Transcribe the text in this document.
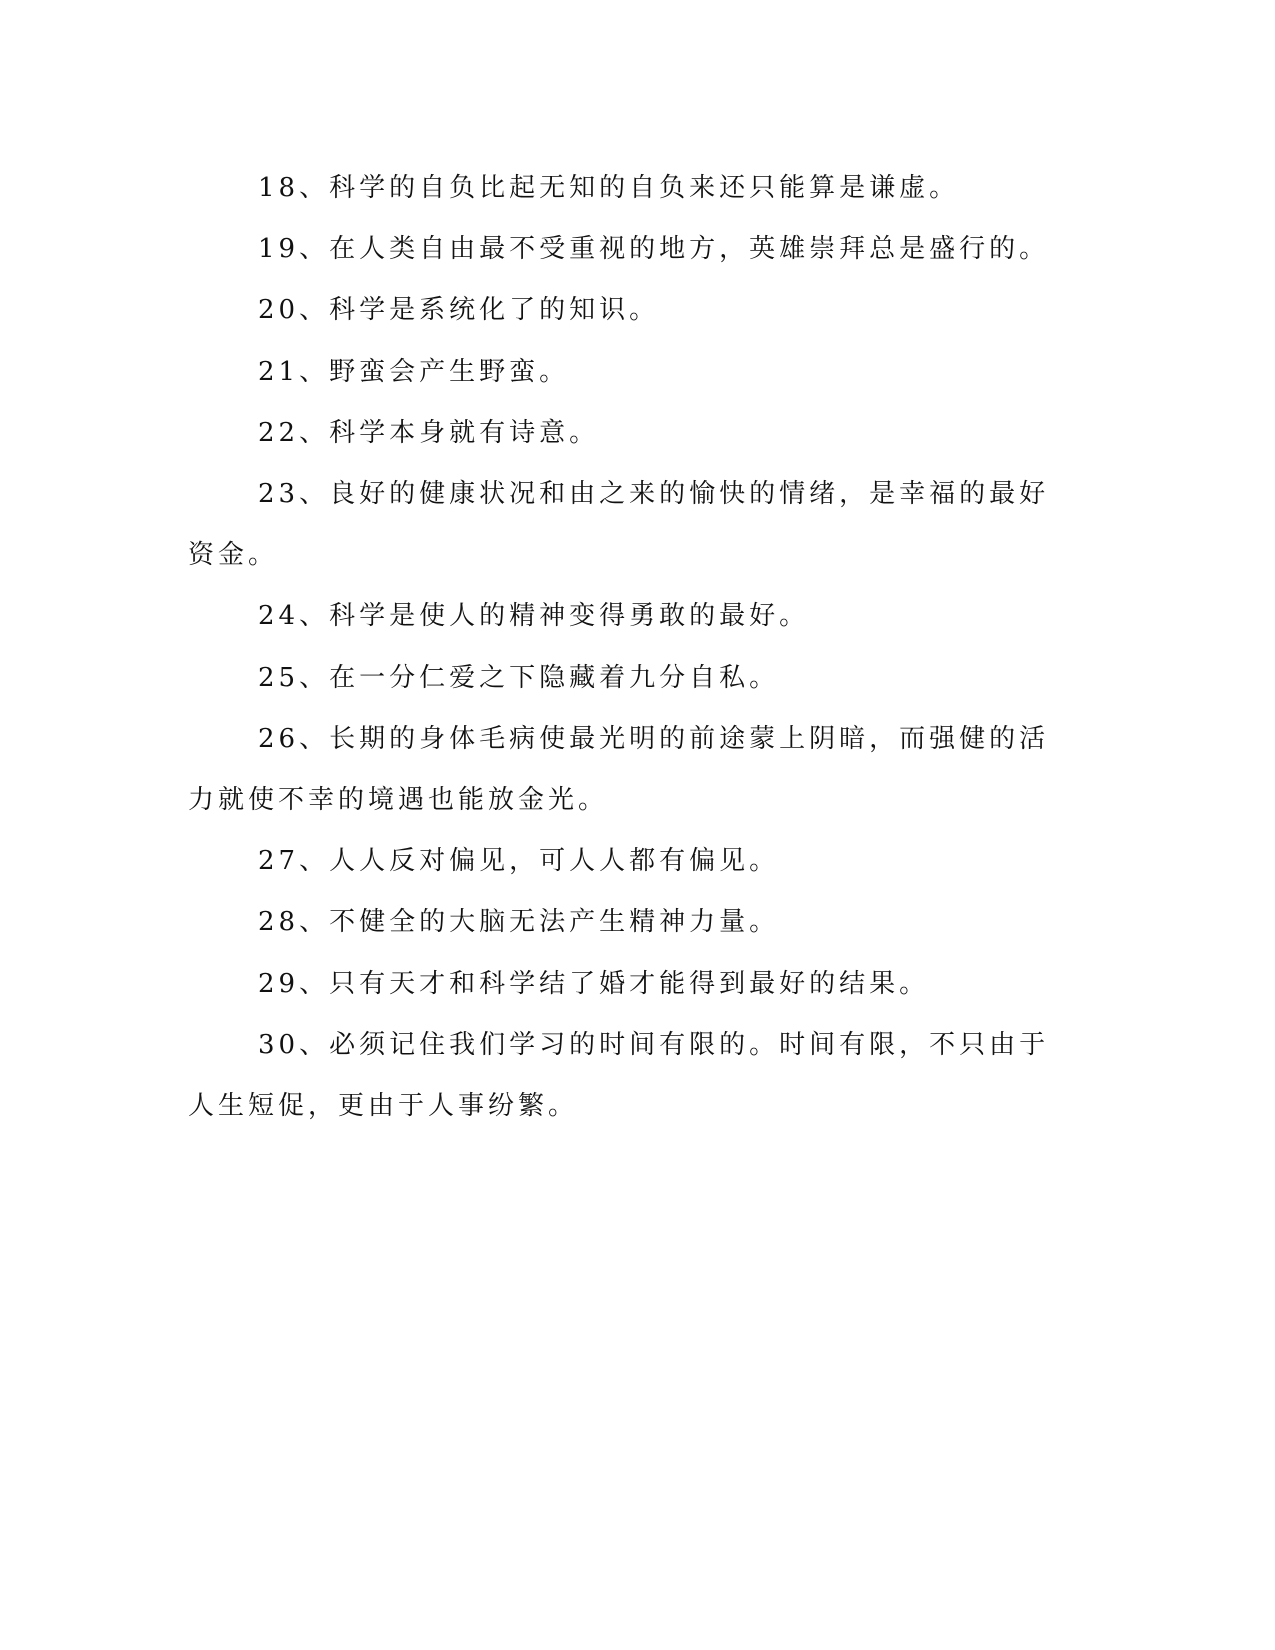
18、科学的自负比起无知的自负来还只能算是谦虚。

19、在人类自由最不受重视的地方，英雄崇拜总是盛行的。

20、科学是系统化了的知识。

21、野蛮会产生野蛮。

22、科学本身就有诗意。

23、良好的健康状况和由之来的愉快的情绪，是幸福的最好资金。

24、科学是使人的精神变得勇敢的最好。

25、在一分仁爱之下隐藏着九分自私。

26、长期的身体毛病使最光明的前途蒙上阴暗，而强健的活力就使不幸的境遇也能放金光。

27、人人反对偏见，可人人都有偏见。

28、不健全的大脑无法产生精神力量。

29、只有天才和科学结了婚才能得到最好的结果。

30、必须记住我们学习的时间有限的。时间有限，不只由于人生短促，更由于人事纷繁。
